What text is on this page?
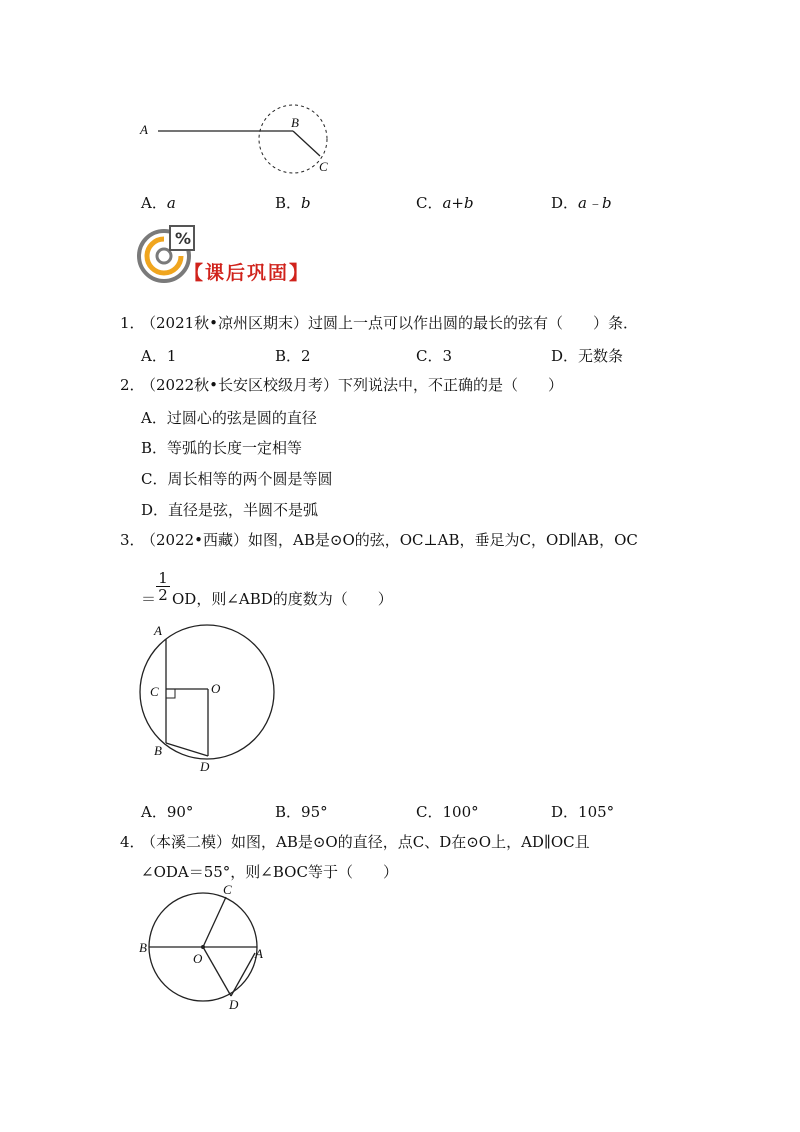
A	B
C
A．a	B．b	C．a+b	D．a﹣b
%
【课后巩固】
1．
（2021秋•凉州区期末）过圆上一点可以作出圆的最长的弦有（　　）条．
A．1	B．2	C．3	D．无数条
2．
（2022秋•长安区校级月考）下列说法中，不正确的是（　　）
A．过圆心的弦是圆的直径
B．等弧的长度一定相等
C．周长相等的两个圆是等圆
D．直径是弦，半圆不是弧
3．
（2022•西藏）如图，AB是⊙O的弦，OC⊥AB，垂足为C，OD∥AB，OC
1
2
＝ OD，则∠ABD的度数为（　　）
A
C	O
B
D
A．90°	B．95°	C．100°	D．105°
4．
（本溪二模）如图，AB是⊙O的直径，点C、D在⊙O上，AD∥OC且
∠ODA＝55°，则∠BOC等于（　　）
C
B
O	A
D
